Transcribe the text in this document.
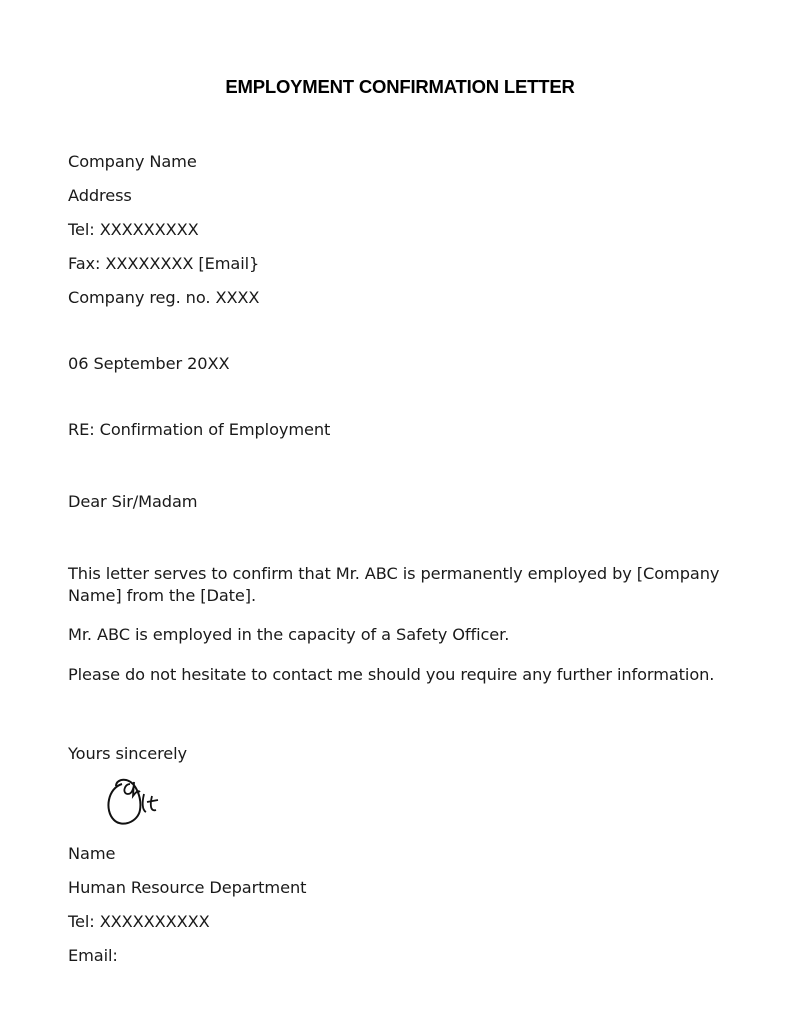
EMPLOYMENT CONFIRMATION LETTER
Company Name
Address
Tel: XXXXXXXXX
Fax: XXXXXXXX [Email}
Company reg. no. XXXX
06 September 20XX
RE: Confirmation of Employment
Dear Sir/Madam
This letter serves to confirm that Mr. ABC is permanently employed by [Company Name] from the [Date].
Mr. ABC is employed in the capacity of a Safety Officer.
Please do not hesitate to contact me should you require any further information.
Yours sincerely
Name
Human Resource Department
Tel: XXXXXXXXXX
Email:
